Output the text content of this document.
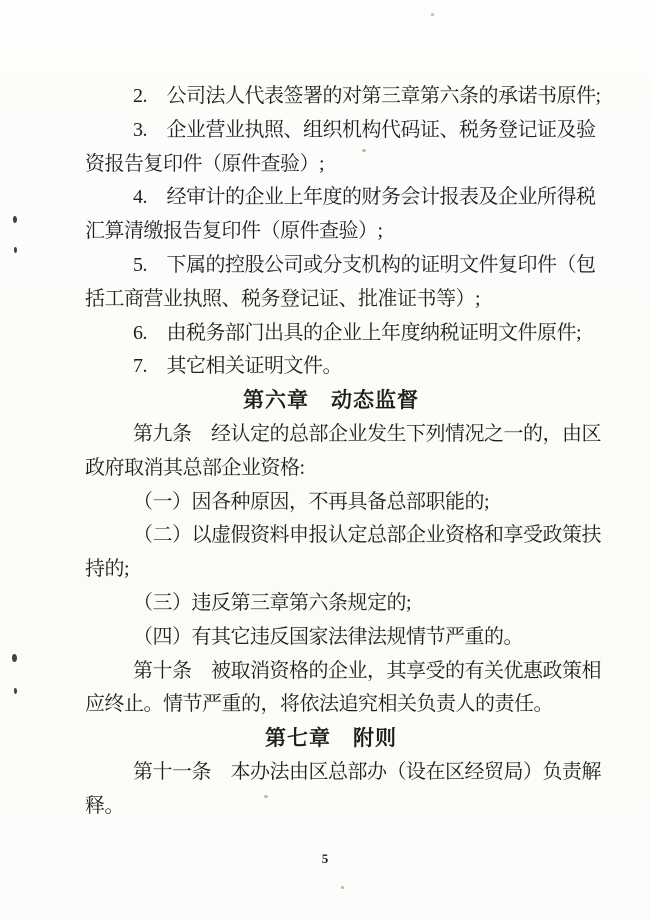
2.　公司法人代表签署的对第三章第六条的承诺书原件;
3.　企业营业执照、组织机构代码证、税务登记证及验
资报告复印件（原件查验）;
4.　经审计的企业上年度的财务会计报表及企业所得税
汇算清缴报告复印件（原件查验）;
5.　下属的控股公司或分支机构的证明文件复印件（包
括工商营业执照、税务登记证、批准证书等）;
6.　由税务部门出具的企业上年度纳税证明文件原件;
7.　其它相关证明文件。
第六章　动态监督
第九条　经认定的总部企业发生下列情况之一的，由区
政府取消其总部企业资格:
（一）因各种原因，不再具备总部职能的;
（二）以虚假资料申报认定总部企业资格和享受政策扶
持的;
（三）违反第三章第六条规定的;
（四）有其它违反国家法律法规情节严重的。
第十条　被取消资格的企业，其享受的有关优惠政策相
应终止。情节严重的，将依法追究相关负责人的责任。
第七章　附则
第十一条　本办法由区总部办（设在区经贸局）负责解
释。
5
